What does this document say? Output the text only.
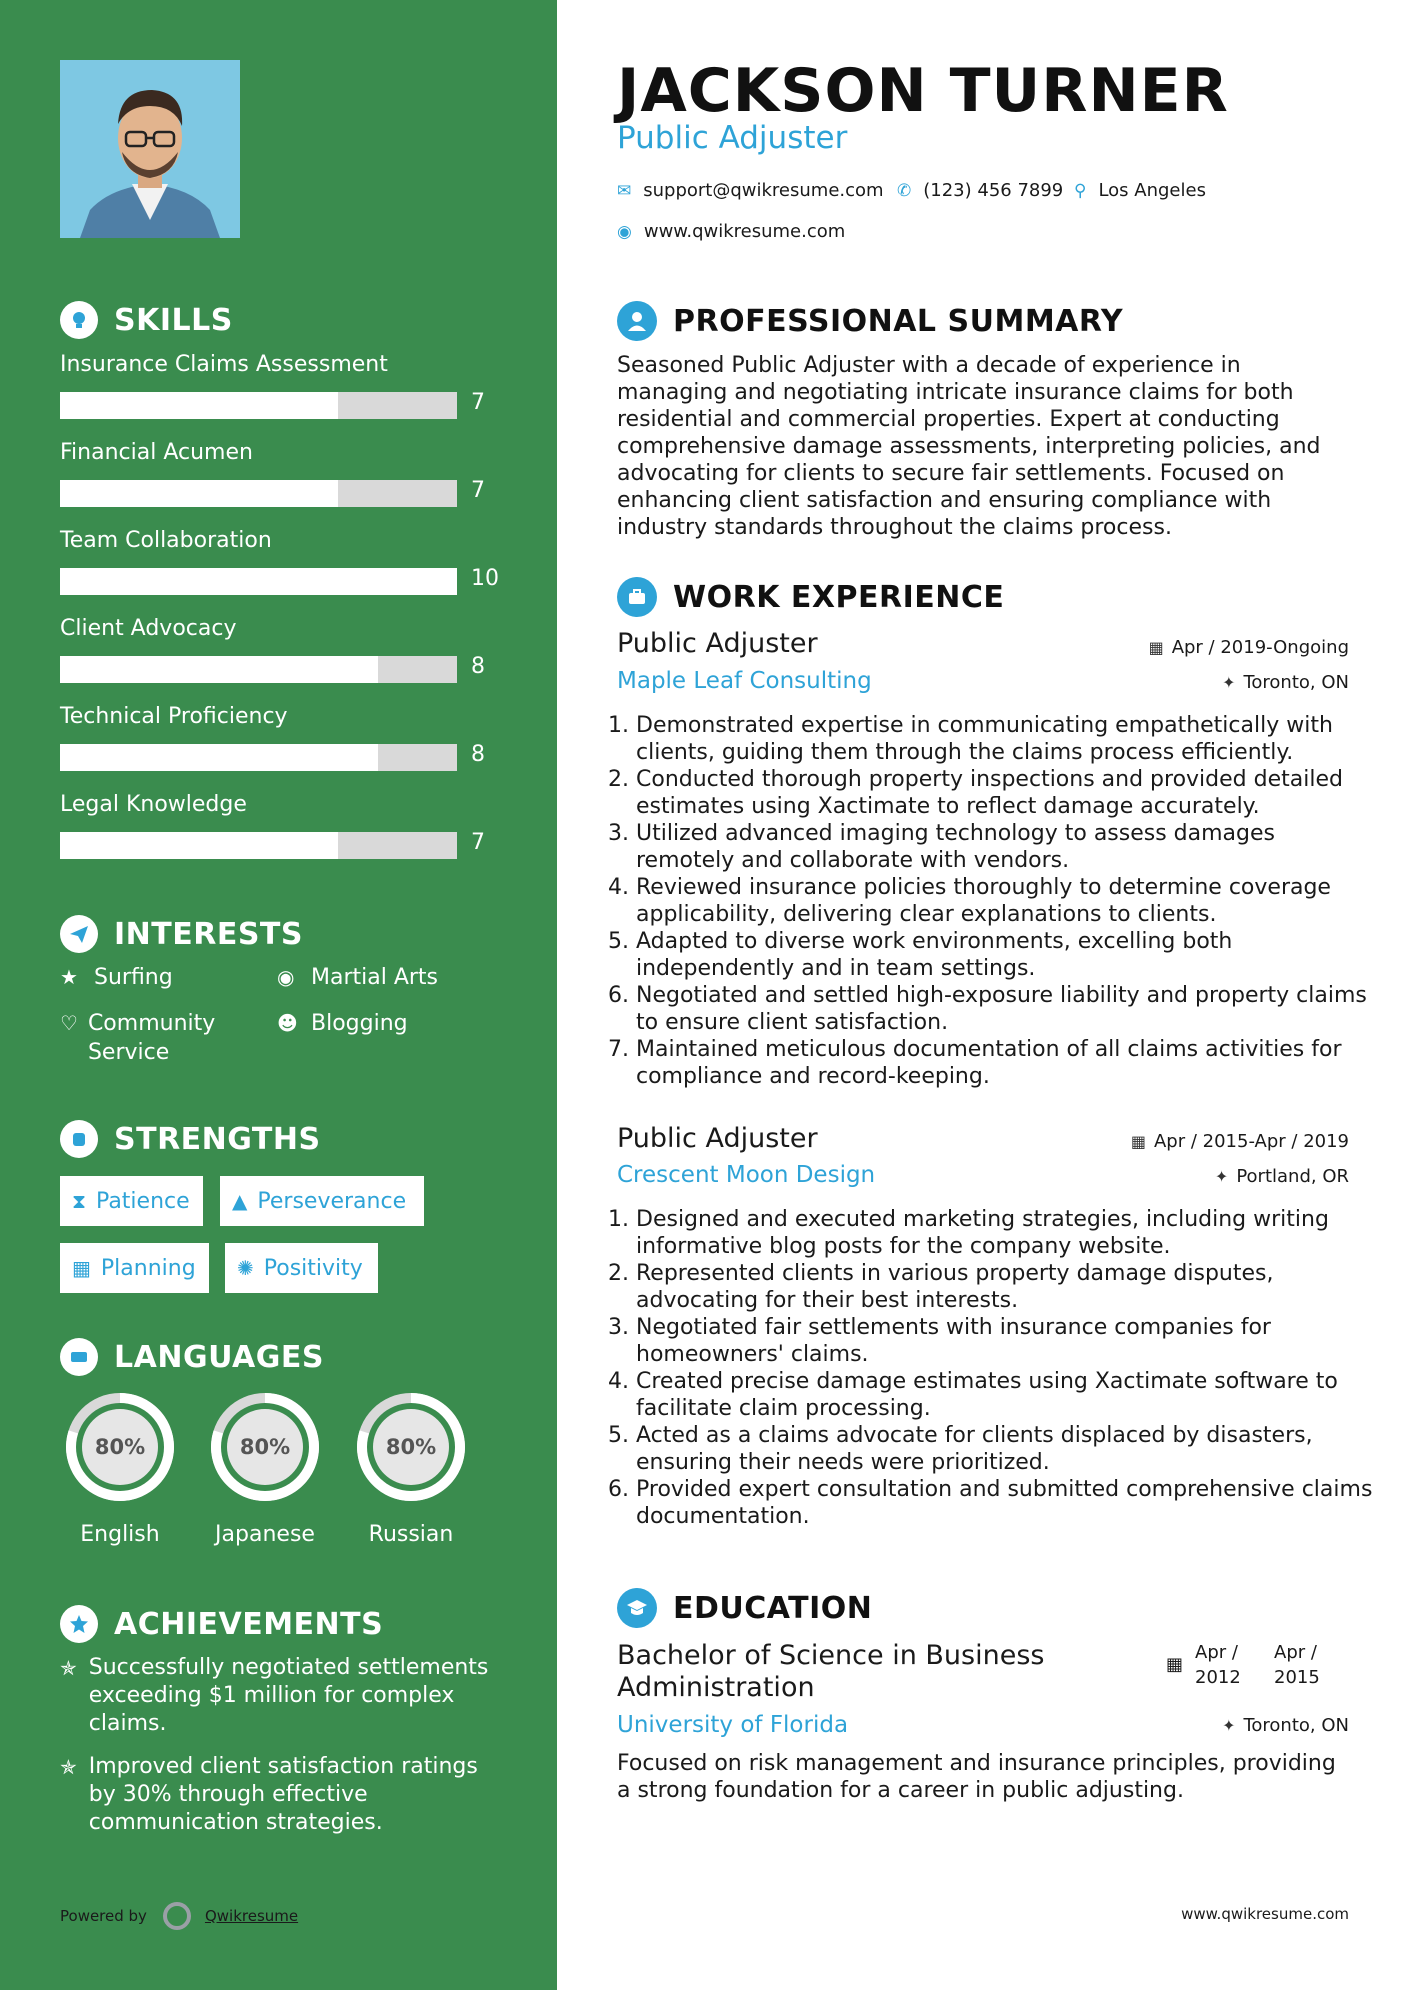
SKILLS
Insurance Claims Assessment
7
Financial Acumen
7
Team Collaboration
10
Client Advocacy
8
Technical Proficiency
8
Legal Knowledge
7
INTERESTS
★ Surfing	◉ Martial Arts
♡ Community Service
☻ Blogging
STRENGTHS
⧗ Patience ▲ Perseverance
▦ Planning ✺ Positivity
LANGUAGES
80%
English
80%
Japanese
80%
Russian
ACHIEVEMENTS
✯ Successfully negotiated settlements exceeding $1 million for complex claims.
✯ Improved client satisfaction ratings by 30% through effective communication strategies.
Powered by	Qwikresume
JACKSON TURNER
Public Adjuster
✉ support@qwikresume.com ✆ (123) 456 7899 ⚲ Los Angeles
◉ www.qwikresume.com
PROFESSIONAL SUMMARY
Seasoned Public Adjuster with a decade of experience in managing and negotiating intricate insurance claims for both residential and commercial properties. Expert at conducting comprehensive damage assessments, interpreting policies, and advocating for clients to secure fair settlements. Focused on enhancing client satisfaction and ensuring compliance with industry standards throughout the claims process.
WORK EXPERIENCE
Public Adjuster
Maple Leaf Consulting
▦ Apr / 2019-Ongoing
✦ Toronto, ON
1. Demonstrated expertise in communicating empathetically with clients, guiding them through the claims process efficiently.
2. Conducted thorough property inspections and provided detailed estimates using Xactimate to reflect damage accurately.
3. Utilized advanced imaging technology to assess damages remotely and collaborate with vendors.
4. Reviewed insurance policies thoroughly to determine coverage applicability, delivering clear explanations to clients.
5. Adapted to diverse work environments, excelling both independently and in team settings.
6. Negotiated and settled high-exposure liability and property claims to ensure client satisfaction.
7. Maintained meticulous documentation of all claims activities for compliance and record-keeping.
Public Adjuster
Crescent Moon Design
▦ Apr / 2015-Apr / 2019
✦ Portland, OR
1. Designed and executed marketing strategies, including writing informative blog posts for the company website.
2. Represented clients in various property damage disputes, advocating for their best interests.
3. Negotiated fair settlements with insurance companies for homeowners' claims.
4. Created precise damage estimates using Xactimate software to facilitate claim processing.
5. Acted as a claims advocate for clients displaced by disasters, ensuring their needs were prioritized.
6. Provided expert consultation and submitted comprehensive claims documentation.
EDUCATION
Bachelor of Science in Business Administration
▦
Apr /
2012
Apr /
2015
University of Florida	✦ Toronto, ON
Focused on risk management and insurance principles, providing a strong foundation for a career in public adjusting.
www.qwikresume.com
